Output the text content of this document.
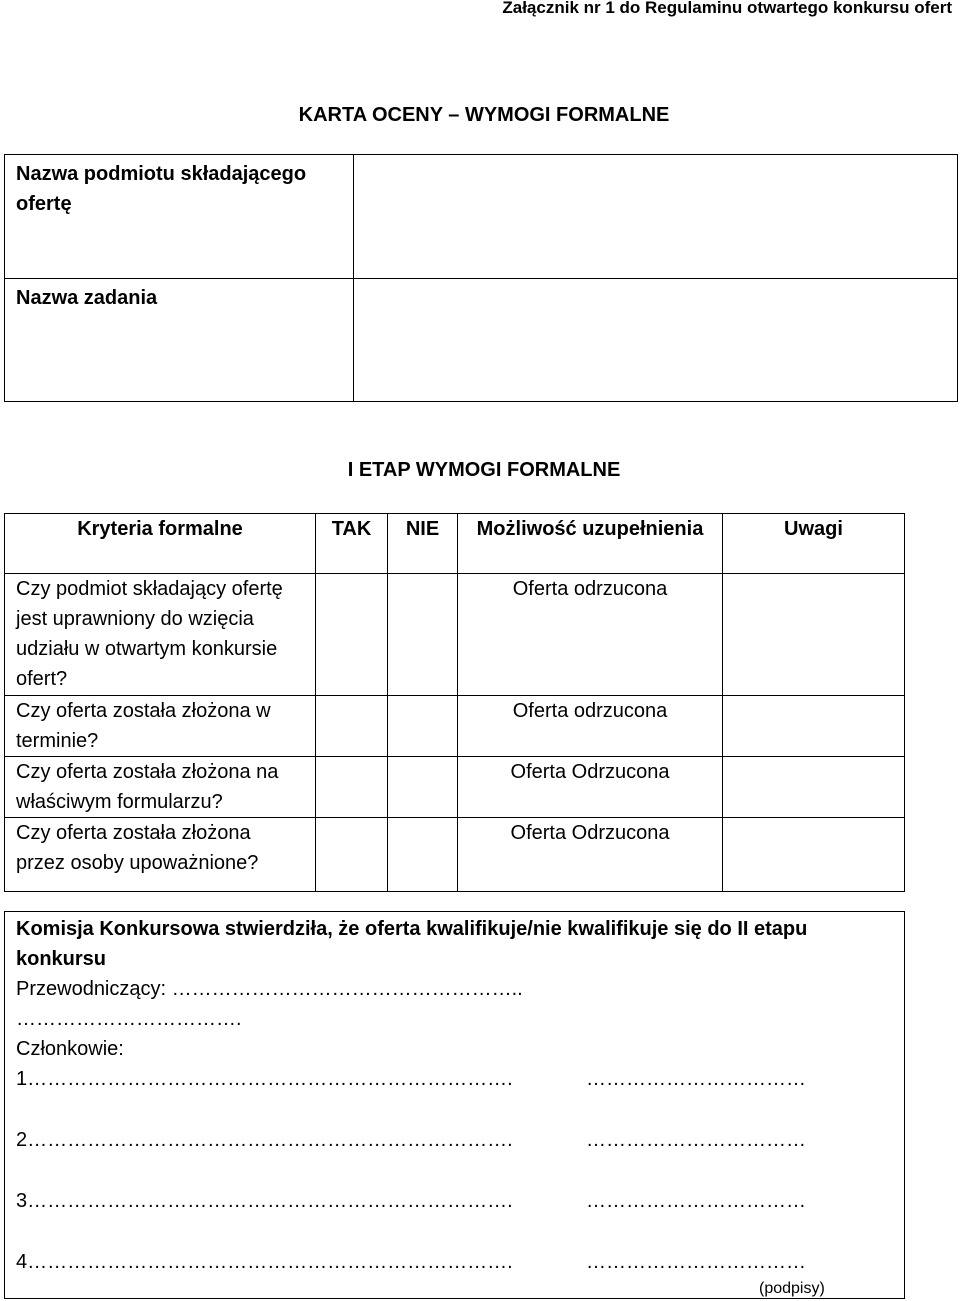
Załącznik nr 1 do Regulaminu otwartego konkursu ofert
KARTA OCENY – WYMOGI FORMALNE
Nazwa podmiotu składającego ofertę	
Nazwa zadania	
I ETAP WYMOGI FORMALNE
Kryteria formalne	TAK	NIE	Możliwość uzupełnienia	Uwagi
Czy podmiot składający ofertę jest uprawniony do wzięcia udziału w otwartym konkursie ofert?			Oferta odrzucona	
Czy oferta została złożona w terminie?			Oferta odrzucona	
Czy oferta została złożona na właściwym formularzu?			Oferta Odrzucona	
Czy oferta została złożona przez osoby upoważnione?			Oferta Odrzucona	
Komisja Konkursowa stwierdziła, że oferta kwalifikuje/nie kwalifikuje się do II etapu konkursu
Przewodniczący: ……………………………………………..
…………………………….
Członkowie:
1……………………………………………………………….	……………………………
2……………………………………………………………….	……………………………
3……………………………………………………………….	……………………………
4……………………………………………………………….	……………………………
(podpisy)
